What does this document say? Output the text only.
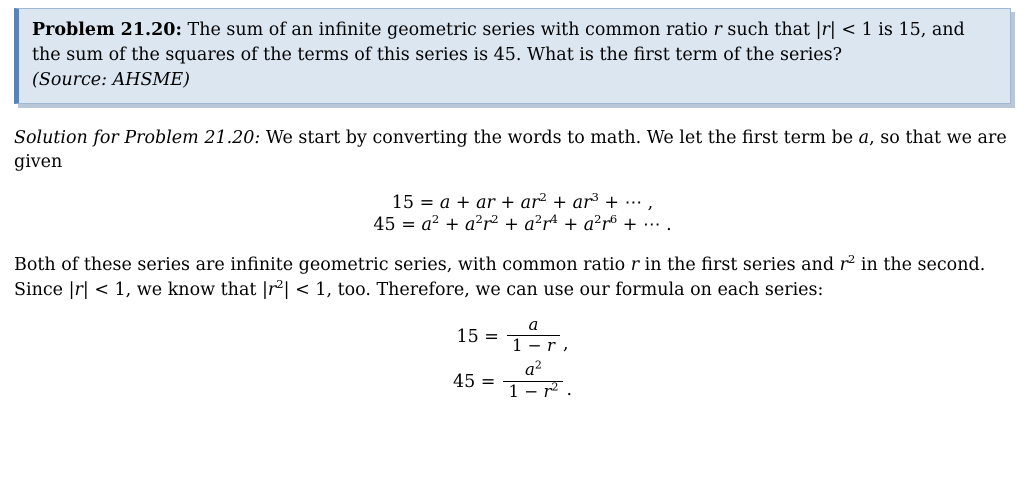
Problem 21.20: The sum of an infinite geometric series with common ratio r such that |r| < 1 is 15, and the sum of the squares of the terms of this series is 45. What is the first term of the series?
(Source: AHSME)
Solution for Problem 21.20: We start by converting the words to math. We let the first term be a, so that we are given
15 = a + ar + $ar^2 + ar^3$ + ⋯ ,
$45 = a^2 + a^2r^2 + a^2r^4 + a^2r^6$ + ⋯ .
Both of these series are infinite geometric series, with common ratio r in the first series and $r^2$ in the second. Since |r| < 1, we know that $|r^2| < 1$, too. Therefore, we can use our formula on each series:
$15 = \frac{a}{1 - r}$ ,
$45 = \frac{a^2}{1 - r^2}$ .
